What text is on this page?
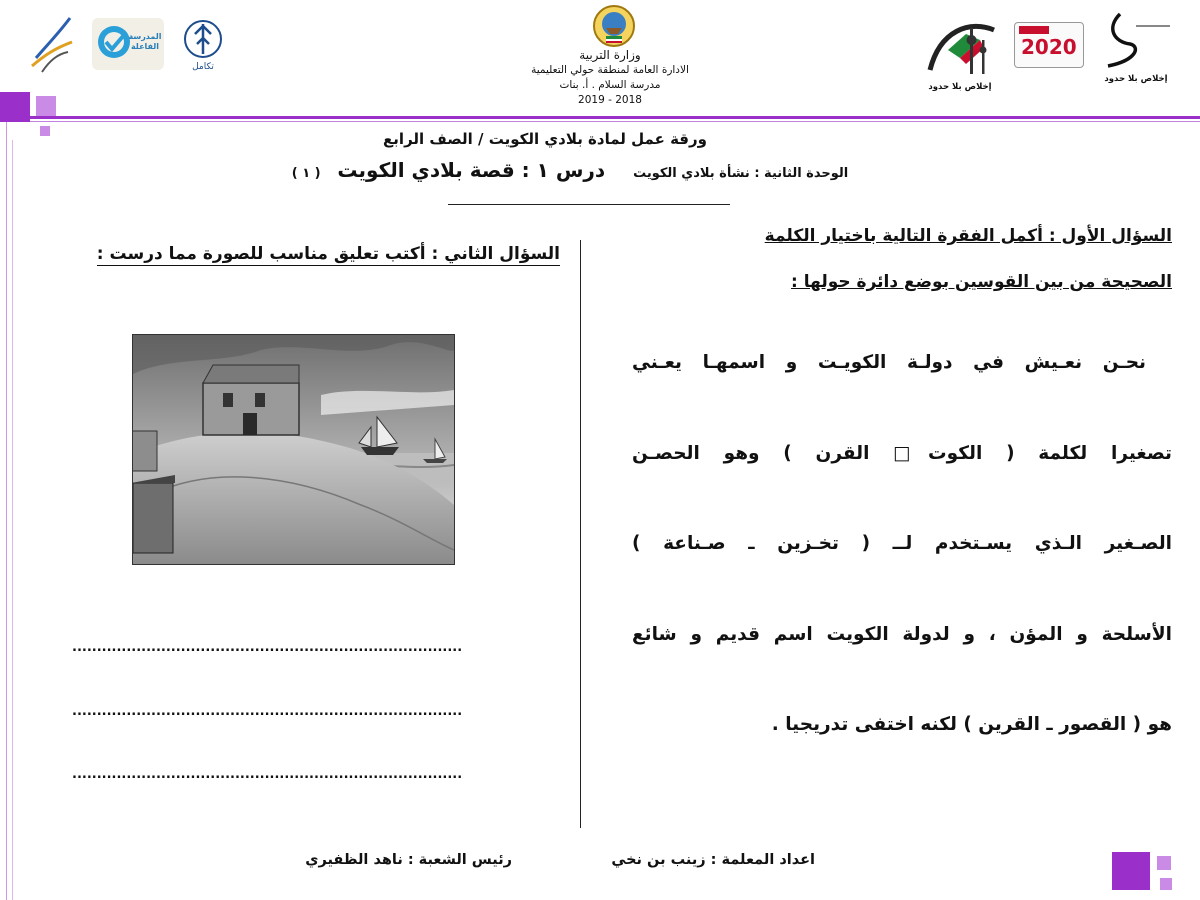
المدرسة الفاعلة
تكامل
وزارة التربية
الادارة العامة لمنطقة حولي التعليمية
مدرسة السلام . أ. بنات
2018 - 2019
إخلاص بلا حدود
2020
إخلاص بلا حدود
ورقة عمل لمادة بلادي الكويت / الصف الرابع
الوحدة الثانية : نشأة بلادي الكويت     درس ١ : قصة بلادي الكويت   ( ١ )
السؤال الأول : أكمل الفقرة التالية باختيار الكلمة
الصحيحة من بين القوسين بوضع دائرة حولها :
نحـن نعـيش في دولـة الكويـت و اسمهـا يعـني
تصغيرا لكلمة ( الكوت□ القرن ) وهو الحصـن
الصـغير الـذي يسـتخدم لــ ( تخـزين ـ صـناعة )
الأسلحة و المؤن ، و لدولة الكويت اسم قديم و شائع
هو ( القصور ـ القرين ) لكنه اختفى تدريجيا .
السؤال الثاني : أكتب تعليق مناسب للصورة مما درست :
...............................................................................
...............................................................................
...............................................................................
اعداد المعلمة : زينب بن نخي
رئيس الشعبة : ناهد الظفيري
